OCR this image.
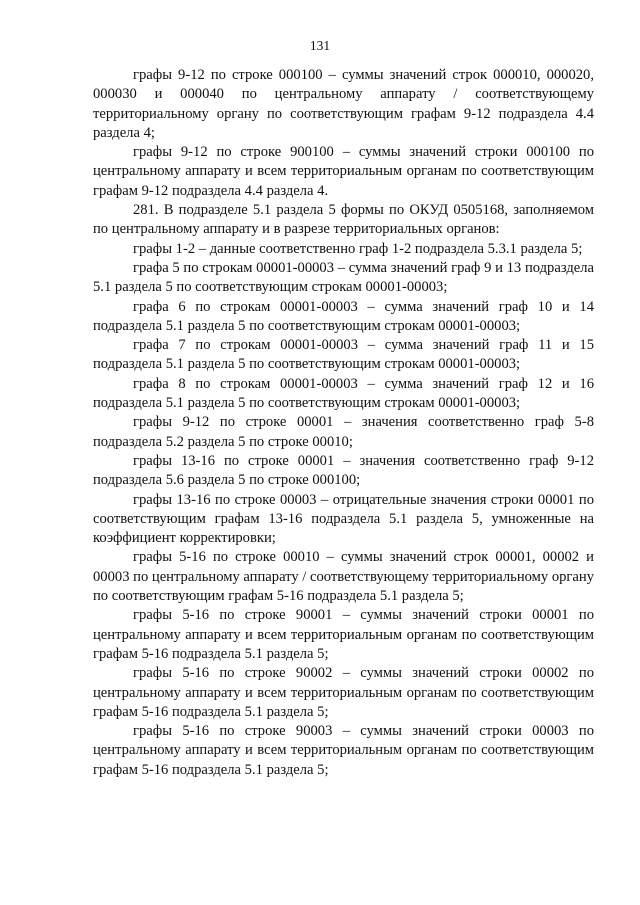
131

графы 9-12 по строке 000100 – суммы значений строк 000010, 000020, 000030 и 000040 по центральному аппарату / соответствующему территориальному органу по соответствующим графам 9-12 подраздела 4.4 раздела 4;

графы 9-12 по строке 900100 – суммы значений строки 000100 по центральному аппарату и всем территориальным органам по соответствующим графам 9-12 подраздела 4.4 раздела 4.

281. В подразделе 5.1 раздела 5 формы по ОКУД 0505168, заполняемом по центральному аппарату и в разрезе территориальных органов:

графы 1-2 – данные соответственно граф 1-2 подраздела 5.3.1 раздела 5;

графа 5 по строкам 00001-00003 – сумма значений граф 9 и 13 подраздела 5.1 раздела 5 по соответствующим строкам 00001-00003;

графа 6 по строкам 00001-00003 – сумма значений граф 10 и 14 подраздела 5.1 раздела 5 по соответствующим строкам 00001-00003;

графа 7 по строкам 00001-00003 – сумма значений граф 11 и 15 подраздела 5.1 раздела 5 по соответствующим строкам 00001-00003;

графа 8 по строкам 00001-00003 – сумма значений граф 12 и 16 подраздела 5.1 раздела 5 по соответствующим строкам 00001-00003;

графы 9-12 по строке 00001 – значения соответственно граф 5-8 подраздела 5.2 раздела 5 по строке 00010;

графы 13-16 по строке 00001 – значения соответственно граф 9-12 подраздела 5.6 раздела 5 по строке 000100;

графы 13-16 по строке 00003 – отрицательные значения строки 00001 по соответствующим графам 13-16 подраздела 5.1 раздела 5, умноженные на коэффициент корректировки;

графы 5-16 по строке 00010 – суммы значений строк 00001, 00002 и 00003 по центральному аппарату / соответствующему территориальному органу по соответствующим графам 5-16 подраздела 5.1 раздела 5;

графы 5-16 по строке 90001 – суммы значений строки 00001 по центральному аппарату и всем территориальным органам по соответствующим графам 5-16 подраздела 5.1 раздела 5;

графы 5-16 по строке 90002 – суммы значений строки 00002 по центральному аппарату и всем территориальным органам по соответствующим графам 5-16 подраздела 5.1 раздела 5;

графы 5-16 по строке 90003 – суммы значений строки 00003 по центральному аппарату и всем территориальным органам по соответствующим графам 5-16 подраздела 5.1 раздела 5;
